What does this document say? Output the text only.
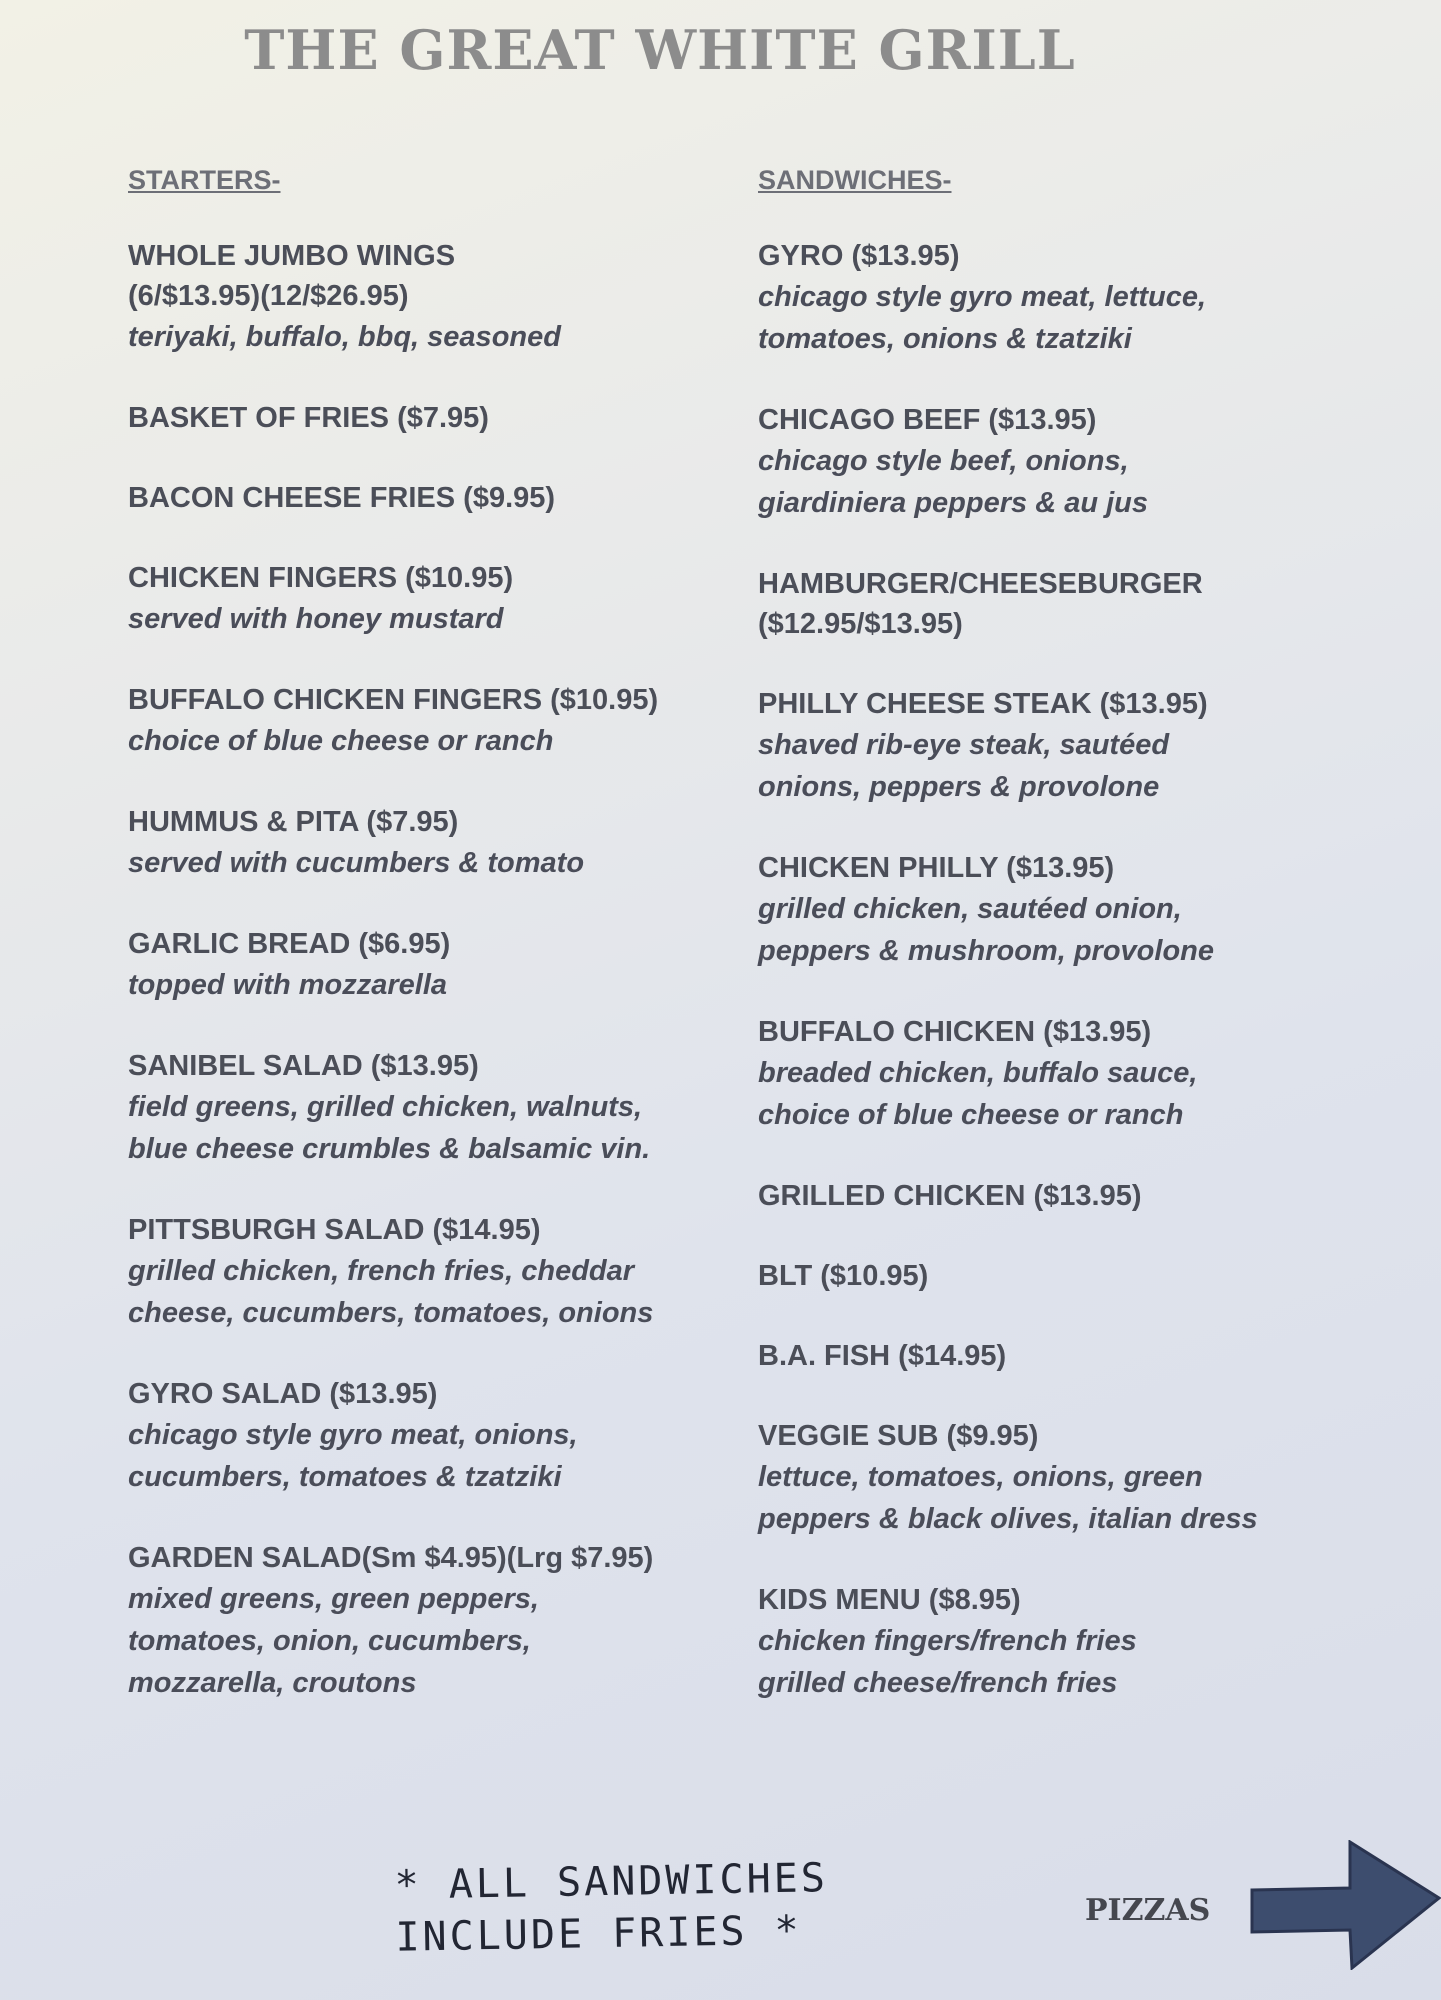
THE GREAT WHITE GRILL
STARTERS-
WHOLE JUMBO WINGS
(6/$13.95)(12/$26.95)
teriyaki, buffalo, bbq, seasoned
BASKET OF FRIES ($7.95)
BACON CHEESE FRIES ($9.95)
CHICKEN FINGERS ($10.95)
served with honey mustard
BUFFALO CHICKEN FINGERS ($10.95)
choice of blue cheese or ranch
HUMMUS & PITA ($7.95)
served with cucumbers & tomato
GARLIC BREAD ($6.95)
topped with mozzarella
SANIBEL SALAD ($13.95)
field greens, grilled chicken, walnuts,
blue cheese crumbles & balsamic vin.
PITTSBURGH SALAD ($14.95)
grilled chicken, french fries, cheddar
cheese, cucumbers, tomatoes, onions
GYRO SALAD ($13.95)
chicago style gyro meat, onions,
cucumbers, tomatoes & tzatziki
GARDEN SALAD(Sm $4.95)(Lrg $7.95)
mixed greens, green peppers,
tomatoes, onion, cucumbers,
mozzarella, croutons
SANDWICHES-
GYRO ($13.95)
chicago style gyro meat, lettuce,
tomatoes, onions & tzatziki
CHICAGO BEEF ($13.95)
chicago style beef, onions,
giardiniera peppers & au jus
HAMBURGER/CHEESEBURGER
($12.95/$13.95)
PHILLY CHEESE STEAK ($13.95)
shaved rib-eye steak, sautéed
onions, peppers & provolone
CHICKEN PHILLY ($13.95)
grilled chicken, sautéed onion,
peppers & mushroom, provolone
BUFFALO CHICKEN ($13.95)
breaded chicken, buffalo sauce,
choice of blue cheese or ranch
GRILLED CHICKEN ($13.95)
BLT ($10.95)
B.A. FISH ($14.95)
VEGGIE SUB ($9.95)
lettuce, tomatoes, onions, green
peppers & black olives, italian dress
KIDS MENU ($8.95)
chicken fingers/french fries
grilled cheese/french fries
* ALL SANDWICHES
INCLUDE FRIES *	PIZZAS
